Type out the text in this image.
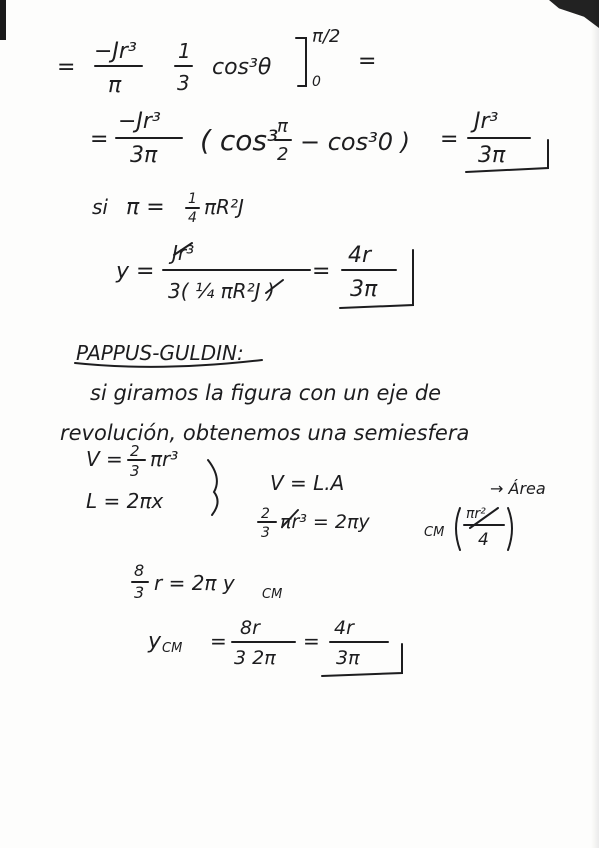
=
−Jr³
π
1
3
cos³θ
π/2
0
=
=
−Jr³
3π ( cos³
π
2 − cos³0 ) =
Jr³
3π
si π = 1
4 πR²J
y =
Jr³
3( ¼ πR²J )
=
4r
3π
PAPPUS-GULDIN:
si giramos la figura con un eje de
revolución, obtenemos una semiesfera
V = 2
3 πr³
L = 2πx
V = L.A	→ Área
2
3 πr³ = 2πy	CM
πr²
4
8
3 r = 2π y CM
y CM =
8r
3 2π
=
4r
3π
